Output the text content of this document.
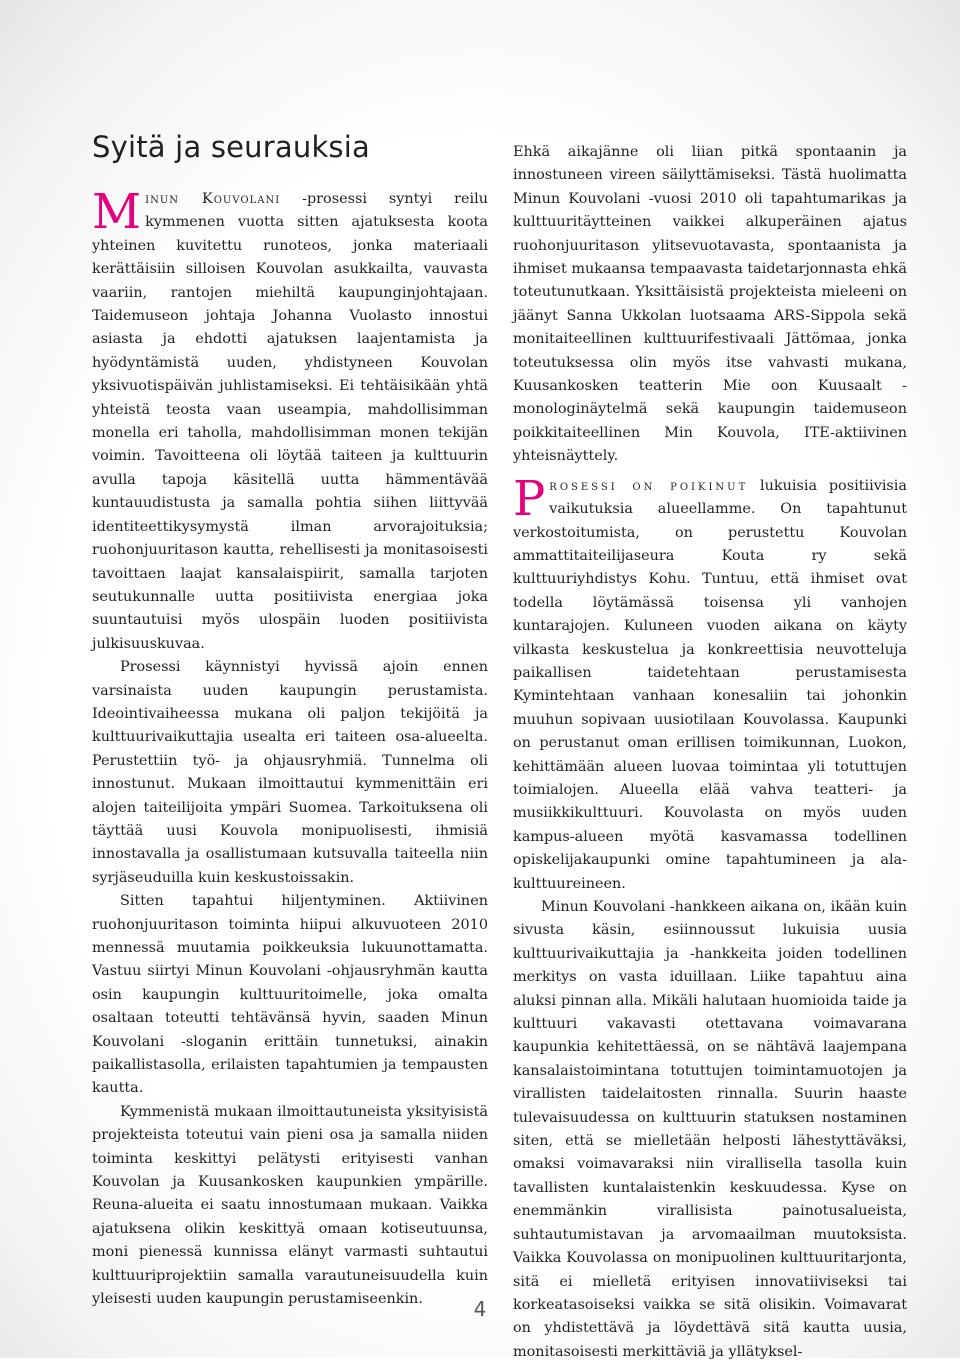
Syitä ja seurauksia

Minun Kouvolani -prosessi syntyi reilu kymmenen vuotta sitten ajatuksesta koota yhteinen kuvitettu runoteos, jonka materiaali kerättäisiin silloisen Kouvolan asukkailta, vauvasta vaariin, rantojen miehiltä kaupunginjohtajaan. Taidemuseon johtaja Johanna Vuolasto innostui asiasta ja ehdotti ajatuksen laajentamista ja hyödyntämistä uuden, yhdistyneen Kouvolan yksivuotispäivän juhlistamiseksi. Ei tehtäisikään yhtä yhteistä teosta vaan useampia, mahdollisimman monella eri taholla, mahdollisimman monen tekijän voimin. Tavoitteena oli löytää taiteen ja kulttuurin avulla tapoja käsitellä uutta hämmentävää kuntauudistusta ja samalla pohtia siihen liittyvää identiteettikysymystä ilman arvorajoituksia; ruohonjuuritason kautta, rehellisesti ja monitasoisesti tavoittaen laajat kansalaispiirit, samalla tarjoten seutukunnalle uutta positiivista energiaa joka suuntautuisi myös ulospäin luoden positiivista julkisuuskuvaa.

Prosessi käynnistyi hyvissä ajoin ennen varsinaista uuden kaupungin perustamista. Ideointivaiheessa mukana oli paljon tekijöitä ja kulttuurivaikuttajia usealta eri taiteen osa-alueelta. Perustettiin työ- ja ohjausryhmiä. Tunnelma oli innostunut. Mukaan ilmoittautui kymmenittäin eri alojen taiteilijoita ympäri Suomea. Tarkoituksena oli täyttää uusi Kouvola monipuolisesti, ihmisiä innostavalla ja osallistumaan kutsuvalla taiteella niin syrjäseuduilla kuin keskustoissakin.

Sitten tapahtui hiljentyminen. Aktiivinen ruohonjuuritason toiminta hiipui alkuvuoteen 2010 mennessä muutamia poikkeuksia lukuunottamatta. Vastuu siirtyi Minun Kouvolani -ohjausryhmän kautta osin kaupungin kulttuuritoimelle, joka omalta osaltaan toteutti tehtävänsä hyvin, saaden Minun Kouvolani -sloganin erittäin tunnetuksi, ainakin paikallistasolla, erilaisten tapahtumien ja tempausten kautta.

Kymmenistä mukaan ilmoittautuneista yksityisistä projekteista toteutui vain pieni osa ja samalla niiden toiminta keskittyi pelätysti erityisesti vanhan Kouvolan ja Kuusankosken kaupunkien ympärille. Reuna-alueita ei saatu innostumaan mukaan. Vaikka ajatuksena olikin keskittyä omaan kotiseutuunsa, moni pienessä kunnissa elänyt varmasti suhtautui kulttuuriprojektiin samalla varautuneisuudella kuin yleisesti uuden kaupungin perustamiseenkin.

Ehkä aikajänne oli liian pitkä spontaanin ja innostuneen vireen säilyttämiseksi. Tästä huolimatta Minun Kouvolani -vuosi 2010 oli tapahtumarikas ja kulttuuritäytteinen vaikkei alkuperäinen ajatus ruohonjuuritason ylitsevuotavasta, spontaanista ja ihmiset mukaansa tempaavasta taidetarjonnasta ehkä toteutunutkaan. Yksittäisistä projekteista mieleeni on jäänyt Sanna Ukkolan luotsaama ARS-Sippola sekä monitaiteellinen kulttuurifestivaali Jättömaa, jonka toteutuksessa olin myös itse vahvasti mukana, Kuusankosken teatterin Mie oon Kuusaalt -monologinäytelmä sekä kaupungin taidemuseon poikkitaiteellinen Min Kouvola, ITE-aktiivinen yhteisnäyttely.

Prosessi on poikinut lukuisia positiivisia vaikutuksia alueellamme. On tapahtunut verkostoitumista, on perustettu Kouvolan ammattitaiteilijaseura Kouta ry sekä kulttuuriyhdistys Kohu. Tuntuu, että ihmiset ovat todella löytämässä toisensa yli vanhojen kuntarajojen. Kuluneen vuoden aikana on käyty vilkasta keskustelua ja konkreettisia neuvotteluja paikallisen taidetehtaan perustamisesta Kymintehtaan vanhaan konesaliin tai johonkin muuhun sopivaan uusiotilaan Kouvolassa. Kaupunki on perustanut oman erillisen toimikunnan, Luokon, kehittämään alueen luovaa toimintaa yli totuttujen toimialojen. Alueella elää vahva teatteri- ja musiikkikulttuuri. Kouvolasta on myös uuden kampus-alueen myötä kasvamassa todellinen opiskelijakaupunki omine tapahtumineen ja ala-kulttuureineen.

Minun Kouvolani -hankkeen aikana on, ikään kuin sivusta käsin, esiinnoussut lukuisia uusia kulttuurivaikuttajia ja -hankkeita joiden todellinen merkitys on vasta iduillaan. Liike tapahtuu aina aluksi pinnan alla. Mikäli halutaan huomioida taide ja kulttuuri vakavasti otettavana voimavarana kaupunkia kehitettäessä, on se nähtävä laajempana kansalaistoimintana totuttujen toimintamuotojen ja virallisten taidelaitosten rinnalla. Suurin haaste tulevaisuudessa on kulttuurin statuksen nostaminen siten, että se mielletään helposti lähestyttäväksi, omaksi voimavaraksi niin virallisella tasolla kuin tavallisten kuntalaistenkin keskuudessa. Kyse on enemmänkin virallisista painotusalueista, suhtautumistavan ja arvomaailman muutoksista. Vaikka Kouvolassa on monipuolinen kulttuuritarjonta, sitä ei mielletä erityisen innovatiiviseksi tai korkeatasoiseksi vaikka se sitä olisikin. Voimavarat on yhdistettävä ja löydettävä sitä kautta uusia, monitasoisesti merkittäviä ja yllätyksel-

4
